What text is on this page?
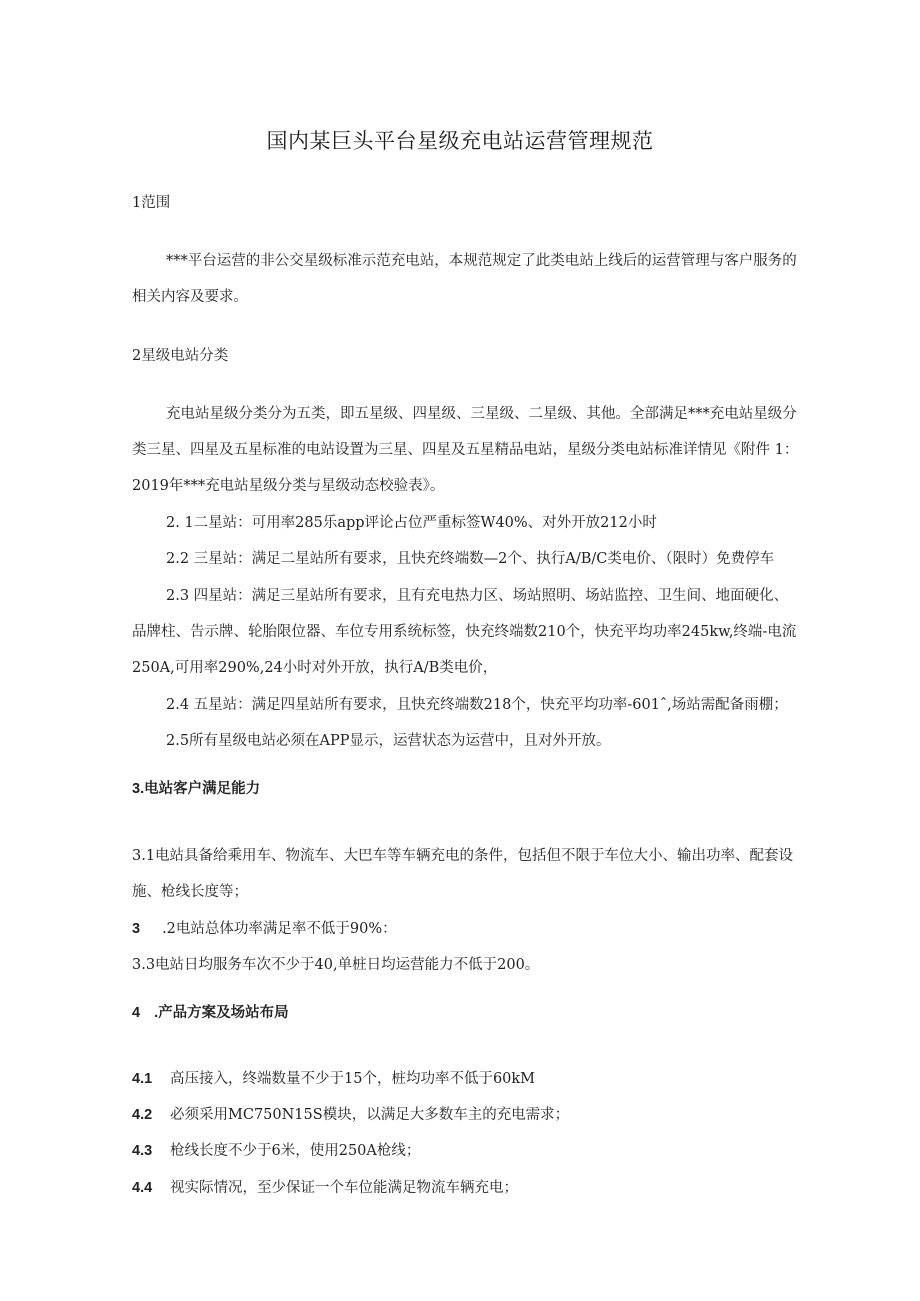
国内某巨头平台星级充电站运营管理规范
1范围
***平台运营的非公交星级标准示范充电站，本规范规定了此类电站上线后的运营管理与客户服务的
相关内容及要求。
2星级电站分类
充电站星级分类分为五类，即五星级、四星级、三星级、二星级、其他。全部满足***充电站星级分
类三星、四星及五星标准的电站设置为三星、四星及五星精品电站，星级分类电站标准详情见《附件 1：
2019年***充电站星级分类与星级动态校验表》。
2. 1二星站：可用率285乐app评论占位严重标签W40%、对外开放212小时
2.2 三星站：满足二星站所有要求，且快充终端数—2个、执行A/B/C类电价、（限时）免费停车
2.3 四星站：满足三星站所有要求，且有充电热力区、场站照明、场站监控、卫生间、地面硬化、
品牌柱、告示牌、轮胎限位器、车位专用系统标签，快充终端数210个，快充平均功率245kw,终端-电流
250A,可用率290%,24小时对外开放，执行A/B类电价，
2.4 五星站：满足四星站所有要求，且快充终端数218个，快充平均功率-601ˆ,场站需配备雨棚；
2.5所有星级电站必须在APP显示，运营状态为运营中，且对外开放。
3.电站客户满足能力
3.1电站具备给乘用车、物流车、大巴车等车辆充电的条件，包括但不限于车位大小、输出功率、配套设
施、枪线长度等；
3 .2电站总体功率满足率不低于90%：
3.3电站日均服务车次不少于40,单桩日均运营能力不低于200。
4 .产品方案及场站布局
4.1 高压接入，终端数量不少于15个，桩均功率不低于60kM
4.2 必须采用MC750N15S模块，以满足大多数车主的充电需求；
4.3 枪线长度不少于6米，使用250A枪线；
4.4 视实际情况，至少保证一个车位能满足物流车辆充电；
